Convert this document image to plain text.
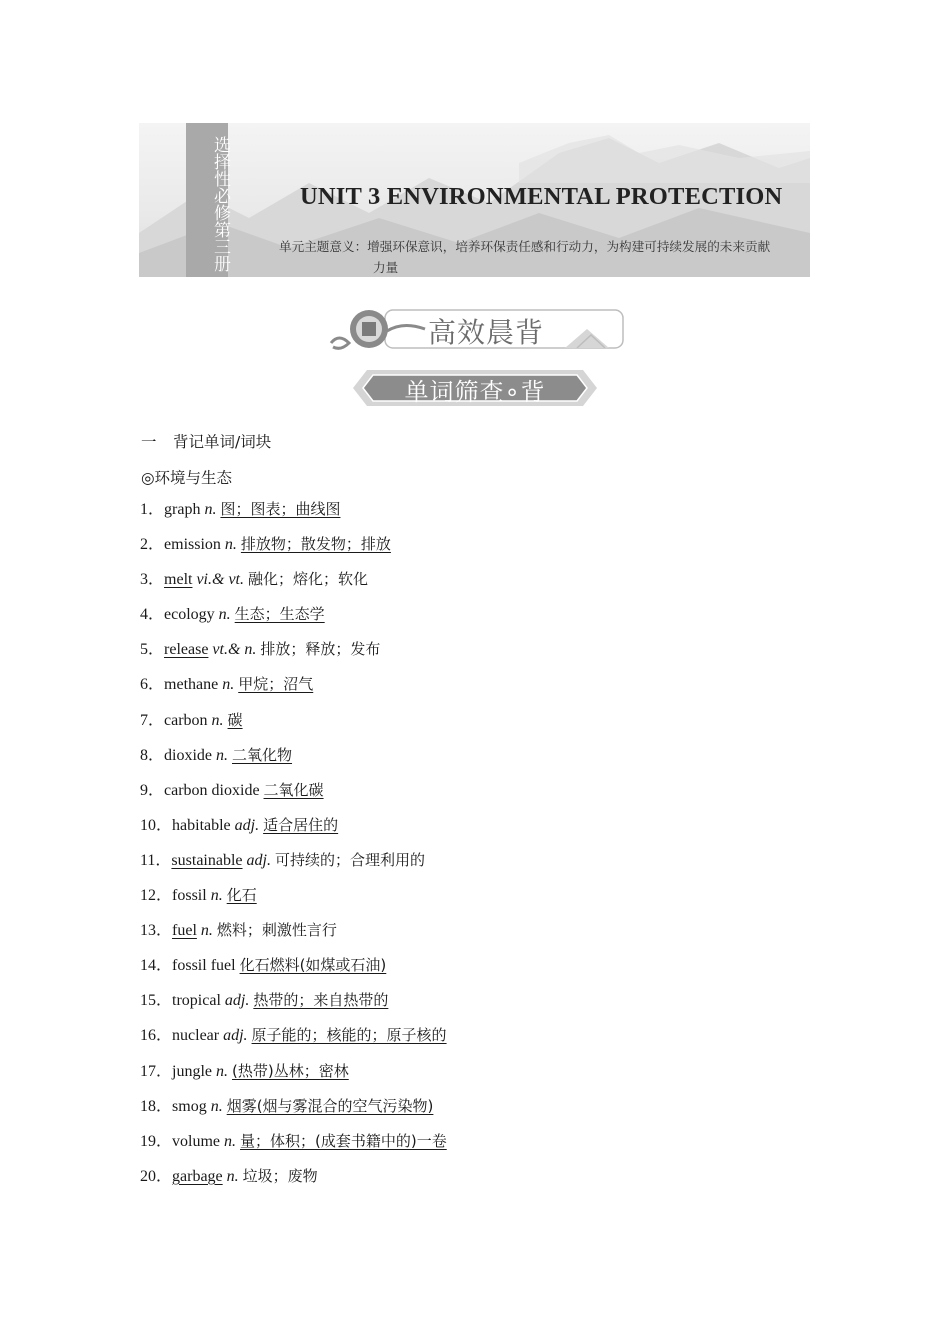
选择性必修第三册	UNIT 3 ENVIRONMENTAL PROTECTION
单元主题意义：增强环保意识，培养环保责任感和行动力，为构建可持续发展的未来贡献
力量
高效晨背
单词筛查∘背
一 背记单词/词块
◎环境与生态
1．graph n. 图；图表；曲线图
2．emission n. 排放物；散发物；排放
3．melt vi.& vt. 融化；熔化；软化
4．ecology n. 生态；生态学
5．release vt.& n. 排放；释放；发布
6．methane n. 甲烷；沼气
7．carbon n. 碳
8．dioxide n. 二氧化物
9．carbon dioxide 二氧化碳
10．habitable adj. 适合居住的
11．sustainable adj. 可持续的；合理利用的
12．fossil n. 化石
13．fuel n. 燃料；刺激性言行
14．fossil fuel 化石燃料(如煤或石油)
15．tropical adj. 热带的；来自热带的
16．nuclear adj. 原子能的；核能的；原子核的
17．jungle n. (热带)丛林；密林
18．smog n. 烟雾(烟与雾混合的空气污染物)
19．volume n. 量；体积；(成套书籍中的)一卷
20．garbage n. 垃圾；废物
